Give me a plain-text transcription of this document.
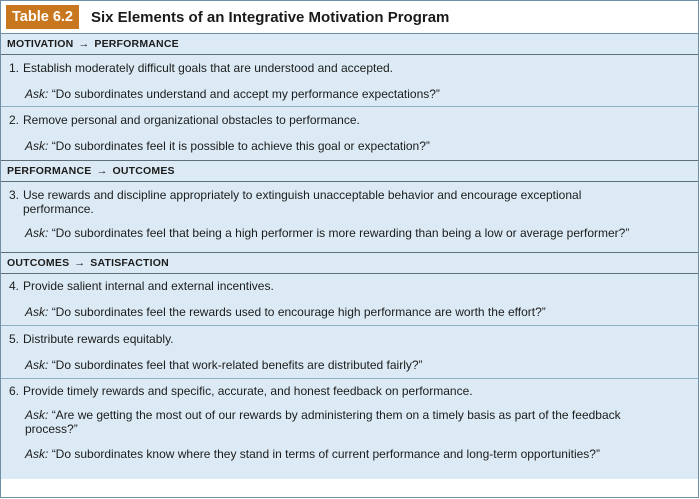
Table 6.2	Six Elements of an Integrative Motivation Program
MOTIVATION → PERFORMANCE
1. Establish moderately difficult goals that are understood and accepted.
Ask: “Do subordinates understand and accept my performance expectations?”
2. Remove personal and organizational obstacles to performance.
Ask: “Do subordinates feel it is possible to achieve this goal or expectation?”
PERFORMANCE → OUTCOMES
3. Use rewards and discipline appropriately to extinguish unacceptable behavior and encourage exceptional performance.
Ask: “Do subordinates feel that being a high performer is more rewarding than being a low or average performer?”
OUTCOMES → SATISFACTION
4. Provide salient internal and external incentives.
Ask: “Do subordinates feel the rewards used to encourage high performance are worth the effort?”
5. Distribute rewards equitably.
Ask: “Do subordinates feel that work-related benefits are distributed fairly?”
6. Provide timely rewards and specific, accurate, and honest feedback on performance.
Ask: “Are we getting the most out of our rewards by administering them on a timely basis as part of the feedback process?”
Ask: “Do subordinates know where they stand in terms of current performance and long-term opportunities?”
